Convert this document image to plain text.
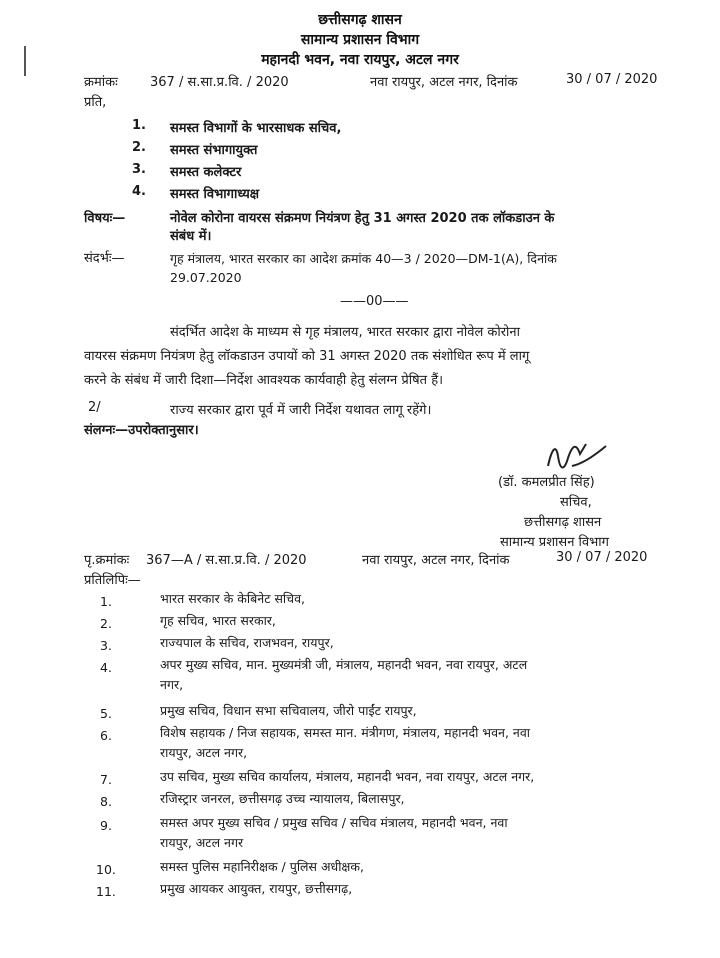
छत्तीसगढ़ शासन
सामान्य प्रशासन विभाग
महानदी भवन, नवा रायपुर, अटल नगर
क्रमांकः 367 / स.सा.प्र.वि. / 2020	नवा रायपुर, अटल नगर, दिनांक	30 / 07 / 2020
प्रति,
1. समस्त विभागों के भारसाधक सचिव,
2. समस्त संभागायुक्त
3. समस्त कलेक्टर
4. समस्त विभागाध्यक्ष
विषयः—	नोवेल कोरोना वायरस संक्रमण नियंत्रण हेतु 31 अगस्त 2020 तक लॉकडाउन के
संबंध में।
संदर्भः—	गृह मंत्रालय, भारत सरकार का आदेश क्रमांक 40—3 / 2020—DM-1(A), दिनांक
29.07.2020
——00——
संदर्भित आदेश के माध्यम से गृह मंत्रालय, भारत सरकार द्वारा नोवेल कोरोना
वायरस संक्रमण नियंत्रण हेतु लॉकडाउन उपायों को 31 अगस्त 2020 तक संशोधित रूप में लागू
करने के संबंध में जारी दिशा—निर्देश आवश्यक कार्यवाही हेतु संलग्न प्रेषित हैं।
2/	राज्य सरकार द्वारा पूर्व में जारी निर्देश यथावत लागू रहेंगे।
संलग्नः—उपरोक्तानुसार।
(डॉ. कमलप्रीत सिंह)
सचिव,
छत्तीसगढ़ शासन
सामान्य प्रशासन विभाग
पृ.क्रमांकः 367—A / स.सा.प्र.वि. / 2020	नवा रायपुर, अटल नगर, दिनांक	30 / 07 / 2020
प्रतिलिपिः—
1.	भारत सरकार के केबिनेट सचिव,
2.	गृह सचिव, भारत सरकार,
3.	राज्यपाल के सचिव, राजभवन, रायपुर,
4.	अपर मुख्य सचिव, मान. मुख्यमंत्री जी, मंत्रालय, महानदी भवन, नवा रायपुर, अटल
नगर,
5.	प्रमुख सचिव, विधान सभा सचिवालय, जीरो पाईंट रायपुर,
6.	विशेष सहायक / निज सहायक, समस्त मान. मंत्रीगण, मंत्रालय, महानदी भवन, नवा
रायपुर, अटल नगर,
7.	उप सचिव, मुख्य सचिव कार्यालय, मंत्रालय, महानदी भवन, नवा रायपुर, अटल नगर,
8.	रजिस्ट्रार जनरल, छत्तीसगढ़ उच्च न्यायालय, बिलासपुर,
9.	समस्त अपर मुख्य सचिव / प्रमुख सचिव / सचिव मंत्रालय, महानदी भवन, नवा
रायपुर, अटल नगर
10.	समस्त पुलिस महानिरीक्षक / पुलिस अधीक्षक,
11.	प्रमुख आयकर आयुक्त, रायपुर, छत्तीसगढ़,
